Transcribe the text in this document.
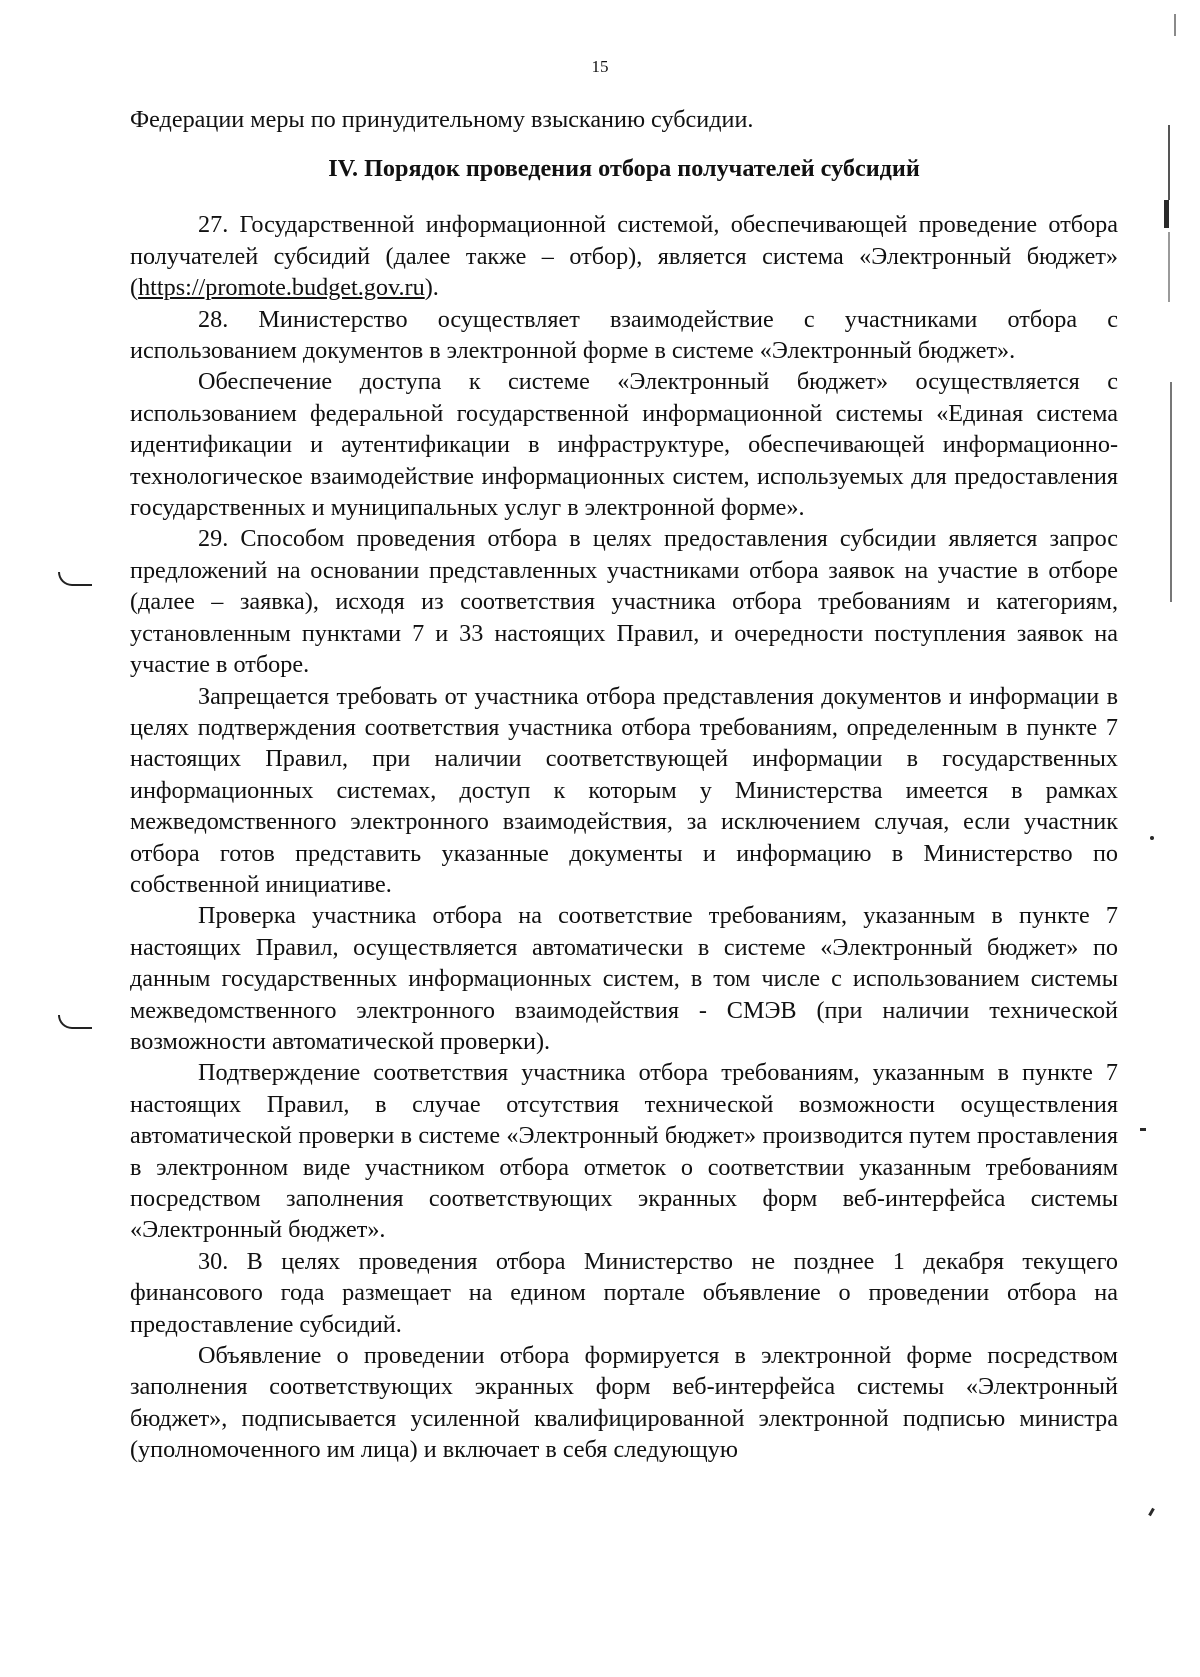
15

Федерации меры по принудительному взысканию субсидии.

IV. Порядок проведения отбора получателей субсидий

27. Государственной информационной системой, обеспечивающей проведение отбора получателей субсидий (далее также – отбор), является система «Электронный бюджет» (https://promote.budget.gov.ru).

28. Министерство осуществляет взаимодействие с участниками отбора с использованием документов в электронной форме в системе «Электронный бюджет».

Обеспечение доступа к системе «Электронный бюджет» осуществляется с использованием федеральной государственной информационной системы «Единая система идентификации и аутентификации в инфраструктуре, обеспечивающей информационно-технологическое взаимодействие информационных систем, используемых для предоставления государственных и муниципальных услуг в электронной форме».

29. Способом проведения отбора в целях предоставления субсидии является запрос предложений на основании представленных участниками отбора заявок на участие в отборе (далее – заявка), исходя из соответствия участника отбора требованиям и категориям, установленным пунктами 7 и 33 настоящих Правил, и очередности поступления заявок на участие в отборе.

Запрещается требовать от участника отбора представления документов и информации в целях подтверждения соответствия участника отбора требованиям, определенным в пункте 7 настоящих Правил, при наличии соответствующей информации в государственных информационных системах, доступ к которым у Министерства имеется в рамках межведомственного электронного взаимодействия, за исключением случая, если участник отбора готов представить указанные документы и информацию в Министерство по собственной инициативе.

Проверка участника отбора на соответствие требованиям, указанным в пункте 7 настоящих Правил, осуществляется автоматически в системе «Электронный бюджет» по данным государственных информационных систем, в том числе с использованием системы межведомственного электронного взаимодействия - СМЭВ (при наличии технической возможности автоматической проверки).

Подтверждение соответствия участника отбора требованиям, указанным в пункте 7 настоящих Правил, в случае отсутствия технической возможности осуществления автоматической проверки в системе «Электронный бюджет» производится путем проставления в электронном виде участником отбора отметок о соответствии указанным требованиям посредством заполнения соответствующих экранных форм веб-интерфейса системы «Электронный бюджет».

30. В целях проведения отбора Министерство не позднее 1 декабря текущего финансового года размещает на едином портале объявление о проведении отбора на предоставление субсидий.

Объявление о проведении отбора формируется в электронной форме посредством заполнения соответствующих экранных форм веб-интерфейса системы «Электронный бюджет», подписывается усиленной квалифицированной электронной подписью министра (уполномоченного им лица) и включает в себя следующую
